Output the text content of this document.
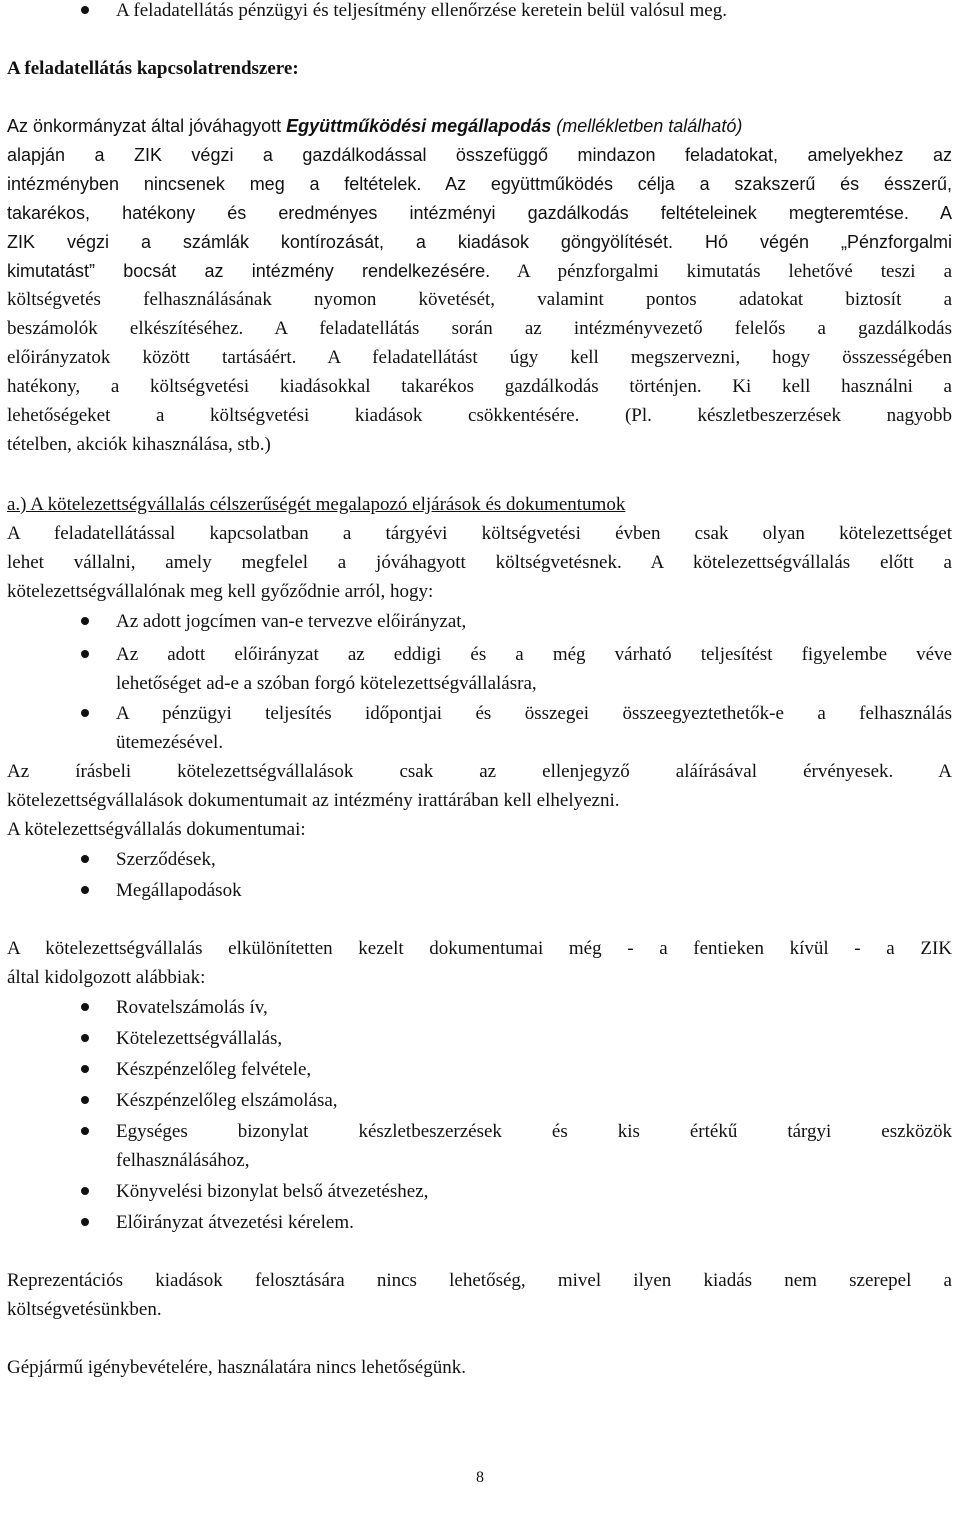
A feladatellátás pénzügyi és teljesítmény ellenőrzése keretein belül valósul meg.
A feladatellátás kapcsolatrendszere:
Az önkormányzat által jóváhagyott Együttműködési megállapodás (mellékletben található)
alapján a ZIK végzi a gazdálkodással összefüggő mindazon feladatokat, amelyekhez az
intézményben nincsenek meg a feltételek. Az együttműködés célja a szakszerű és ésszerű,
takarékos, hatékony és eredményes intézményi gazdálkodás feltételeinek megteremtése. A
ZIK végzi a számlák kontírozását, a kiadások göngyölítését. Hó végén „Pénzforgalmi
kimutatást” bocsát az intézmény rendelkezésére. A pénzforgalmi kimutatás lehetővé teszi a
költségvetés felhasználásának nyomon követését, valamint pontos adatokat biztosít a
beszámolók elkészítéséhez. A feladatellátás során az intézményvezető felelős a gazdálkodás
előirányzatok között tartásáért. A feladatellátást úgy kell megszervezni, hogy összességében
hatékony, a költségvetési kiadásokkal takarékos gazdálkodás történjen. Ki kell használni a
lehetőségeket a költségvetési kiadások csökkentésére. (Pl. készletbeszerzések nagyobb
tételben, akciók kihasználása, stb.)
a.) A kötelezettségvállalás célszerűségét megalapozó eljárások és dokumentumok
A feladatellátással kapcsolatban a tárgyévi költségvetési évben csak olyan kötelezettséget
lehet vállalni, amely megfelel a jóváhagyott költségvetésnek. A kötelezettségvállalás előtt a
kötelezettségvállalónak meg kell győződnie arról, hogy:
Az adott jogcímen van-e tervezve előirányzat,
Az adott előirányzat az eddigi és a még várható teljesítést figyelembe véve
lehetőséget ad-e a szóban forgó kötelezettségvállalásra,
A pénzügyi teljesítés időpontjai és összegei összeegyeztethetők-e a felhasználás
ütemezésével.
Az írásbeli kötelezettségvállalások csak az ellenjegyző aláírásával érvényesek. A
kötelezettségvállalások dokumentumait az intézmény irattárában kell elhelyezni.
A kötelezettségvállalás dokumentumai:
Szerződések,
Megállapodások
A kötelezettségvállalás elkülönítetten kezelt dokumentumai még - a fentieken kívül - a ZIK
által kidolgozott alábbiak:
Rovatelszámolás ív,
Kötelezettségvállalás,
Készpénzelőleg felvétele,
Készpénzelőleg elszámolása,
Egységes bizonylat készletbeszerzések és kis értékű tárgyi eszközök
felhasználásához,
Könyvelési bizonylat belső átvezetéshez,
Előirányzat átvezetési kérelem.
Reprezentációs kiadások felosztására nincs lehetőség, mivel ilyen kiadás nem szerepel a
költségvetésünkben.
Gépjármű igénybevételére, használatára nincs lehetőségünk.
8
